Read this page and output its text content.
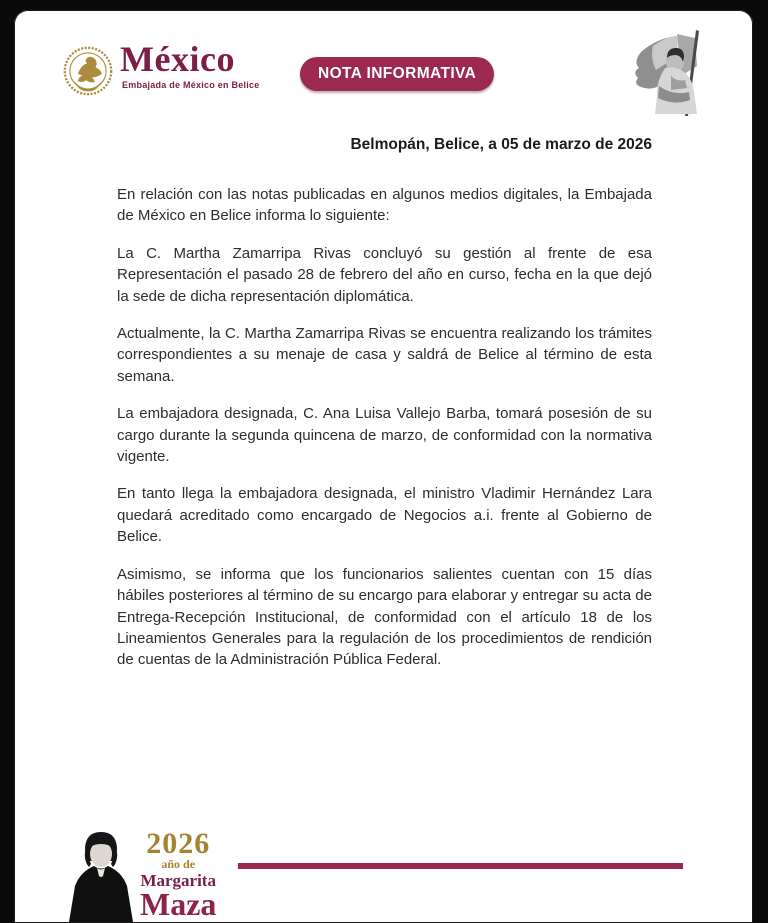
México
Embajada de México en Belice
NOTA INFORMATIVA
Belmopán, Belice, a 05 de marzo de 2026

En relación con las notas publicadas en algunos medios digitales, la Embajada de México en Belice informa lo siguiente:

La C. Martha Zamarripa Rivas concluyó su gestión al frente de esa Representación el pasado 28 de febrero del año en curso, fecha en la que dejó la sede de dicha representación diplomática.

Actualmente, la C. Martha Zamarripa Rivas se encuentra realizando los trámites correspondientes a su menaje de casa y saldrá de Belice al término de esta semana.

La embajadora designada, C. Ana Luisa Vallejo Barba, tomará posesión de su cargo durante la segunda quincena de marzo, de conformidad con la normativa vigente.

En tanto llega la embajadora designada, el ministro Vladimir Hernández Lara quedará acreditado como encargado de Negocios a.i. frente al Gobierno de Belice.

Asimismo, se informa que los funcionarios salientes cuentan con 15 días hábiles posteriores al término de su encargo para elaborar y entregar su acta de Entrega-Recepción Institucional, de conformidad con el artículo 18 de los Lineamientos Generales para la regulación de los procedimientos de rendición de cuentas de la Administración Pública Federal.

2026
año de
Margarita
Maza
